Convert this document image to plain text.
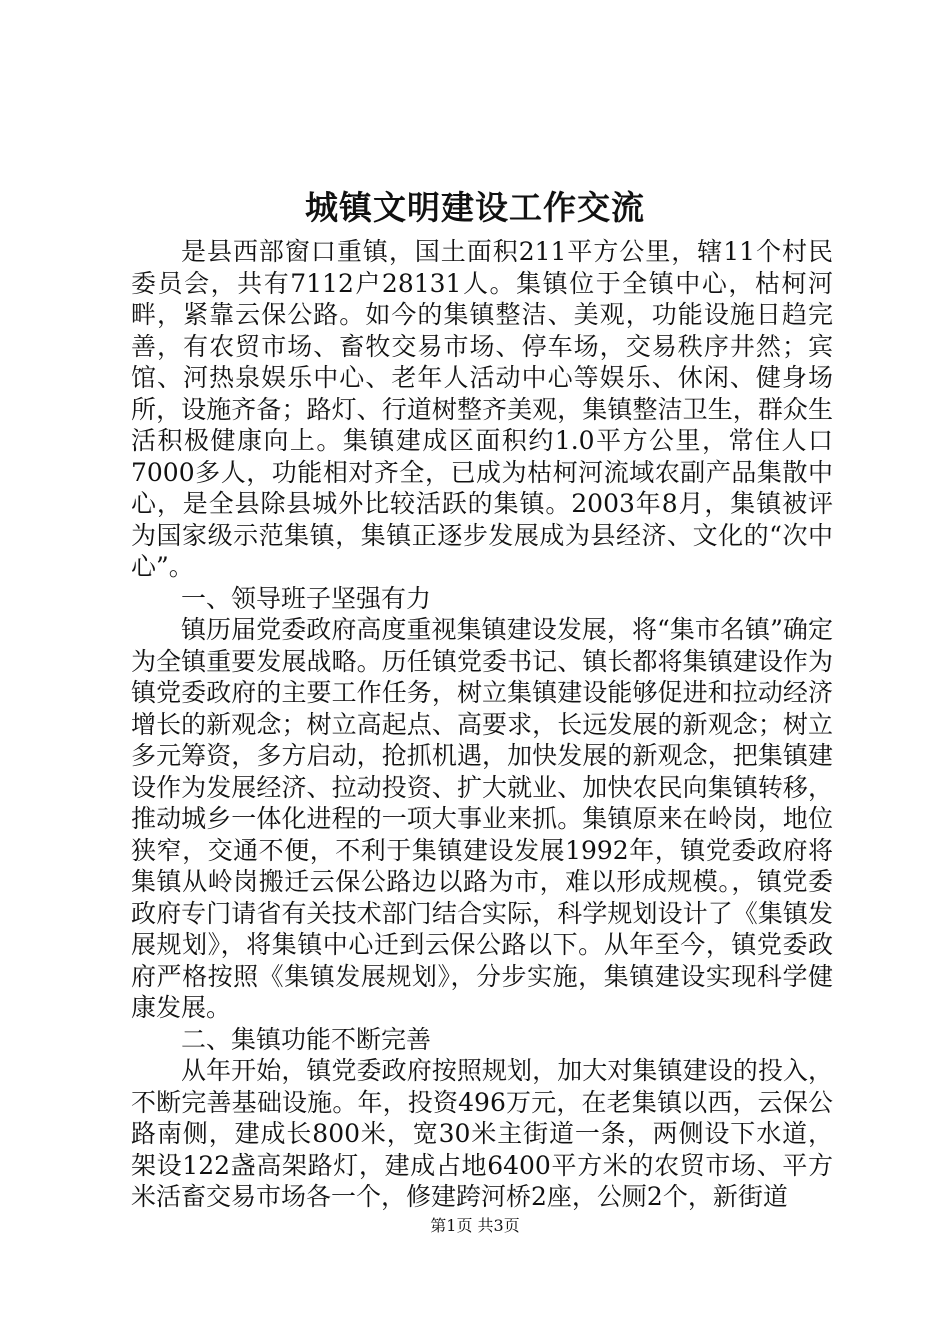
城镇文明建设工作交流

是县西部窗口重镇，国土面积211平方公里，辖11个村民委员会，共有7112户28131人。集镇位于全镇中心，枯柯河畔，紧靠云保公路。如今的集镇整洁、美观，功能设施日趋完善，有农贸市场、畜牧交易市场、停车场，交易秩序井然；宾馆、河热泉娱乐中心、老年人活动中心等娱乐、休闲、健身场所，设施齐备；路灯、行道树整齐美观，集镇整洁卫生，群众生活积极健康向上。集镇建成区面积约1.0平方公里，常住人口7000多人，功能相对齐全，已成为枯柯河流域农副产品集散中心，是全县除县城外比较活跃的集镇。2003年8月，集镇被评为国家级示范集镇，集镇正逐步发展成为县经济、文化的“次中心”。

一、领导班子坚强有力

镇历届党委政府高度重视集镇建设发展，将“集市名镇”确定为全镇重要发展战略。历任镇党委书记、镇长都将集镇建设作为镇党委政府的主要工作任务，树立集镇建设能够促进和拉动经济增长的新观念；树立高起点、高要求，长远发展的新观念；树立多元筹资，多方启动，抢抓机遇，加快发展的新观念，把集镇建设作为发展经济、拉动投资、扩大就业、加快农民向集镇转移，推动城乡一体化进程的一项大事业来抓。集镇原来在岭岗，地位狭窄，交通不便，不利于集镇建设发展1992年，镇党委政府将集镇从岭岗搬迁云保公路边以路为市，难以形成规模。，镇党委政府专门请省有关技术部门结合实际，科学规划设计了《集镇发展规划》，将集镇中心迁到云保公路以下。从年至今，镇党委政府严格按照《集镇发展规划》，分步实施，集镇建设实现科学健康发展。

二、集镇功能不断完善

从年开始，镇党委政府按照规划，加大对集镇建设的投入，不断完善基础设施。年，投资496万元，在老集镇以西，云保公路南侧，建成长800米，宽30米主街道一条，两侧设下水道，架设122盏高架路灯，建成占地6400平方米的农贸市场、平方米活畜交易市场各一个，修建跨河桥2座，公厕2个，新街道

第1页 共3页
